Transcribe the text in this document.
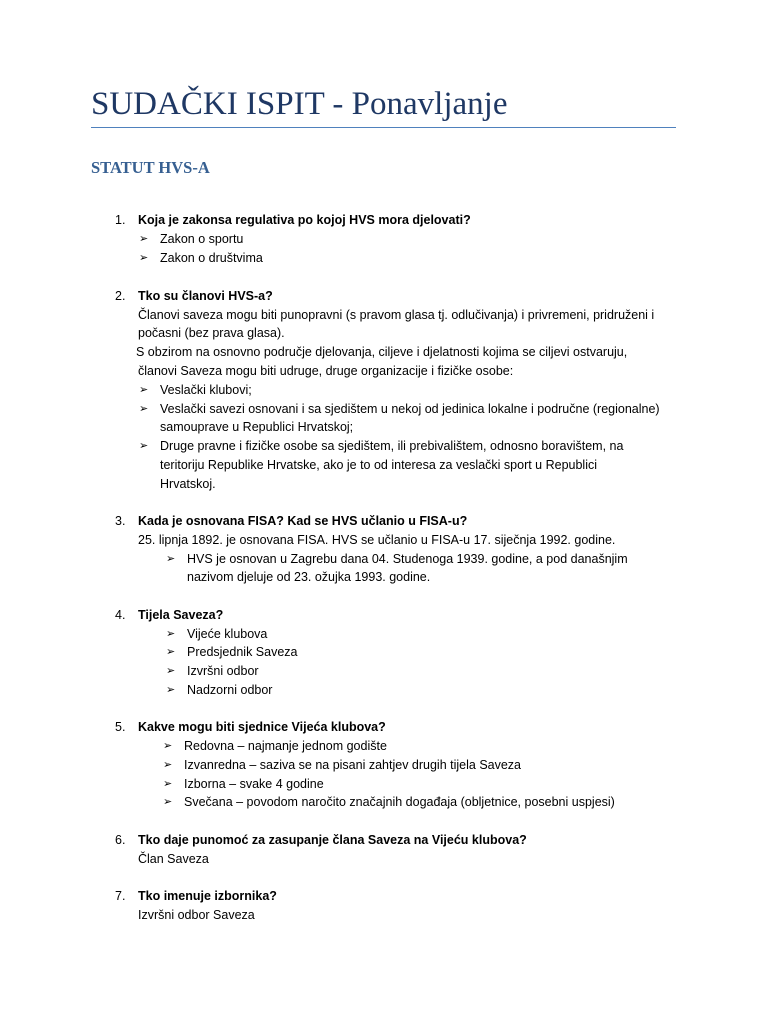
SUDAČKI ISPIT - Ponavljanje
STATUT HVS-A
1. Koja je zakonsa regulativa po kojoj HVS mora djelovati?
➢ Zakon o sportu
➢ Zakon o društvima
2. Tko su članovi HVS-a?
Članovi saveza mogu biti punopravni (s pravom glasa tj. odlučivanja) i privremeni, pridruženi i
počasni (bez prava glasa).
S obzirom na osnovno područje djelovanja, ciljeve i djelatnosti kojima se ciljevi ostvaruju,
članovi Saveza mogu biti udruge, druge organizacije i fizičke osobe:
➢ Veslački klubovi;
➢ Veslački savezi osnovani i sa sjedištem u nekoj od jedinica lokalne i područne (regionalne)
samouprave u Republici Hrvatskoj;
➢ Druge pravne i fizičke osobe sa sjedištem, ili prebivalištem, odnosno boravištem, na
teritoriju Republike Hrvatske, ako je to od interesa za veslački sport u Republici
Hrvatskoj.
3. Kada je osnovana FISA? Kad se HVS učlanio u FISA-u?
25. lipnja 1892. je osnovana FISA. HVS se učlanio u FISA-u 17. siječnja 1992. godine.
➢ HVS je osnovan u Zagrebu dana 04. Studenoga 1939. godine, a pod današnjim
nazivom djeluje od 23. ožujka 1993. godine.
4. Tijela Saveza?
➢ Vijeće klubova
➢ Predsjednik Saveza
➢ Izvršni odbor
➢ Nadzorni odbor
5. Kakve mogu biti sjednice Vijeća klubova?
➢ Redovna – najmanje jednom godište
➢ Izvanredna – saziva se na pisani zahtjev drugih tijela Saveza
➢ Izborna – svake 4 godine
➢ Svečana – povodom naročito značajnih događaja (obljetnice, posebni uspjesi)
6. Tko daje punomoć za zasupanje člana Saveza na Vijeću klubova?
Član Saveza
7. Tko imenuje izbornika?
Izvršni odbor Saveza
